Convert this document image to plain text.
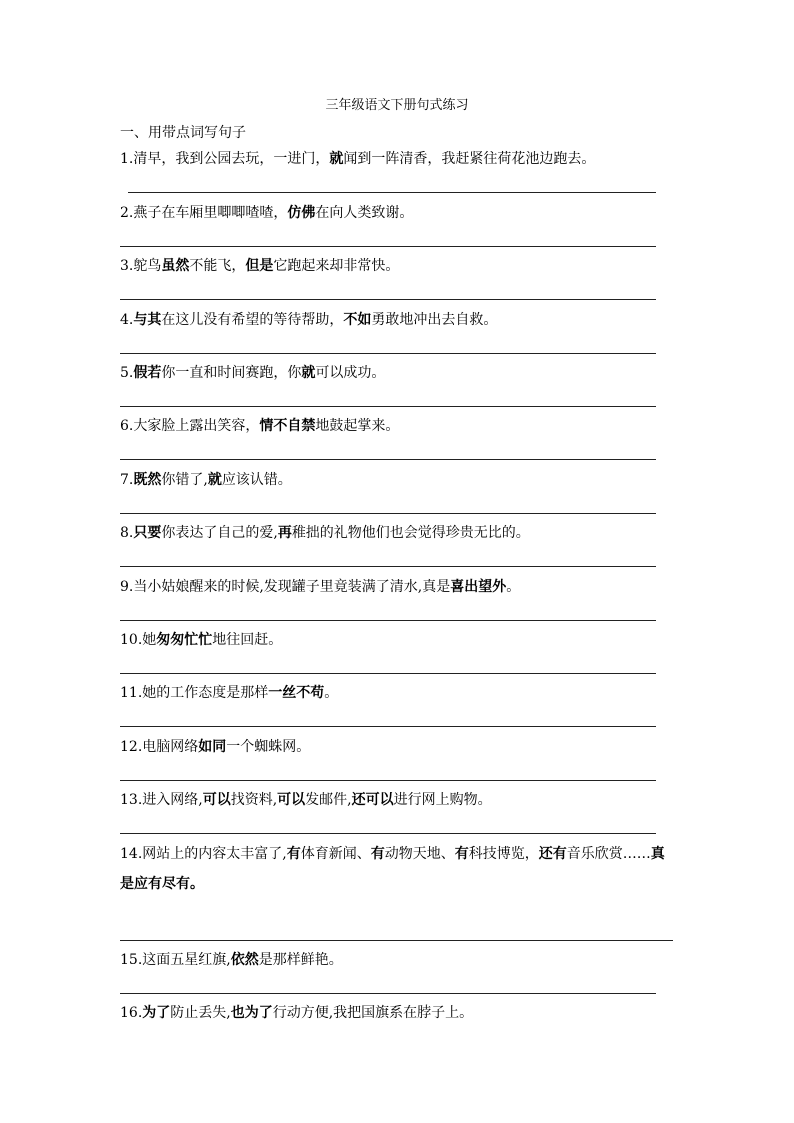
三年级语文下册句式练习
一、用带点词写句子
1.清早，我到公园去玩，一进门，就闻到一阵清香，我赶紧往荷花池边跑去。
2.燕子在车厢里唧唧喳喳，仿佛在向人类致谢。
3.鸵鸟虽然不能飞，但是它跑起来却非常快。
4.与其在这儿没有希望的等待帮助，不如勇敢地冲出去自救。
5.假若你一直和时间赛跑，你就可以成功。
6.大家脸上露出笑容，情不自禁地鼓起掌来。
7.既然你错了,就应该认错。
8.只要你表达了自己的爱,再稚拙的礼物他们也会觉得珍贵无比的。
9.当小姑娘醒来的时候,发现罐子里竟装满了清水,真是喜出望外。
10.她匆匆忙忙地往回赶。
11.她的工作态度是那样一丝不苟。
12.电脑网络如同一个蜘蛛网。
13.进入网络,可以找资料,可以发邮件,还可以进行网上购物。
14.网站上的内容太丰富了,有体育新闻、有动物天地、有科技博览，还有音乐欣赏……真
是应有尽有。
15.这面五星红旗,依然是那样鲜艳。
16.为了防止丢失,也为了行动方便,我把国旗系在脖子上。
